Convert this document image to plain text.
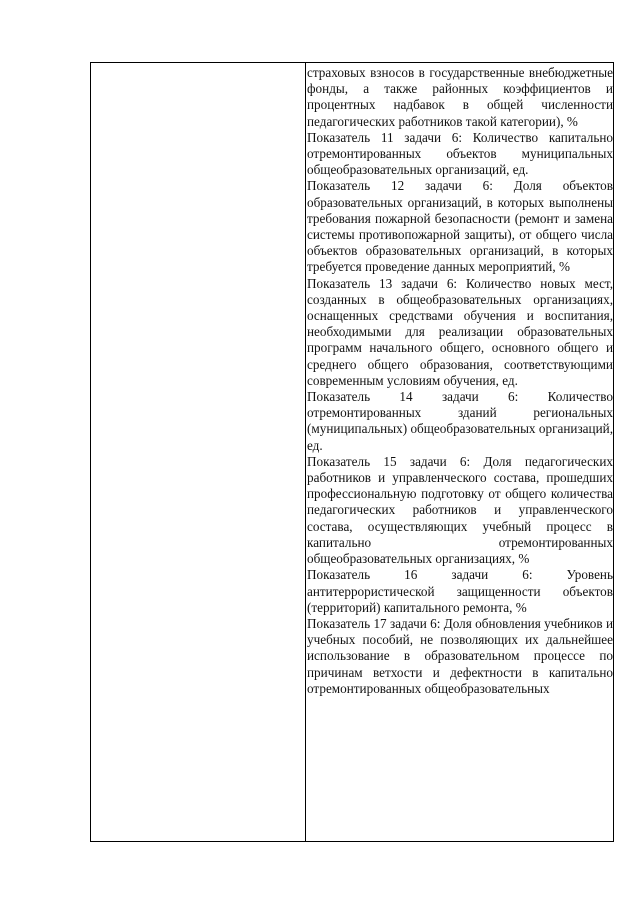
страховых взносов в государственные внебюджетные фонды, а также районных коэффициентов и процентных надбавок в общей численности педагогических работников такой категории), %

Показатель 11 задачи 6: Количество капитально отремонтированных объектов муниципальных общеобразовательных организаций, ед.

Показатель 12 задачи 6: Доля объектов образовательных организаций, в которых выполнены требования пожарной безопасности (ремонт и замена системы противопожарной защиты), от общего числа объектов образовательных организаций, в которых требуется проведение данных мероприятий, %

Показатель 13 задачи 6: Количество новых мест, созданных в общеобразовательных организациях, оснащенных средствами обучения и воспитания, необходимыми для реализации образовательных программ начального общего, основного общего и среднего общего образования, соответствующими современным условиям обучения, ед.

Показатель 14 задачи 6: Количество отремонтированных зданий региональных (муниципальных) общеобразовательных организаций, ед.

Показатель 15 задачи 6: Доля педагогических работников и управленческого состава, прошедших профессиональную подготовку от общего количества педагогических работников и управленческого состава, осуществляющих учебный процесс в капитально отремонтированных общеобразовательных организациях, %

Показатель 16 задачи 6: Уровень антитеррористической защищенности объектов (территорий) капитального ремонта, %

Показатель 17 задачи 6: Доля обновления учебников и учебных пособий, не позволяющих их дальнейшее использование в образовательном процессе по причинам ветхости и дефектности в капитально отремонтированных общеобразовательных
